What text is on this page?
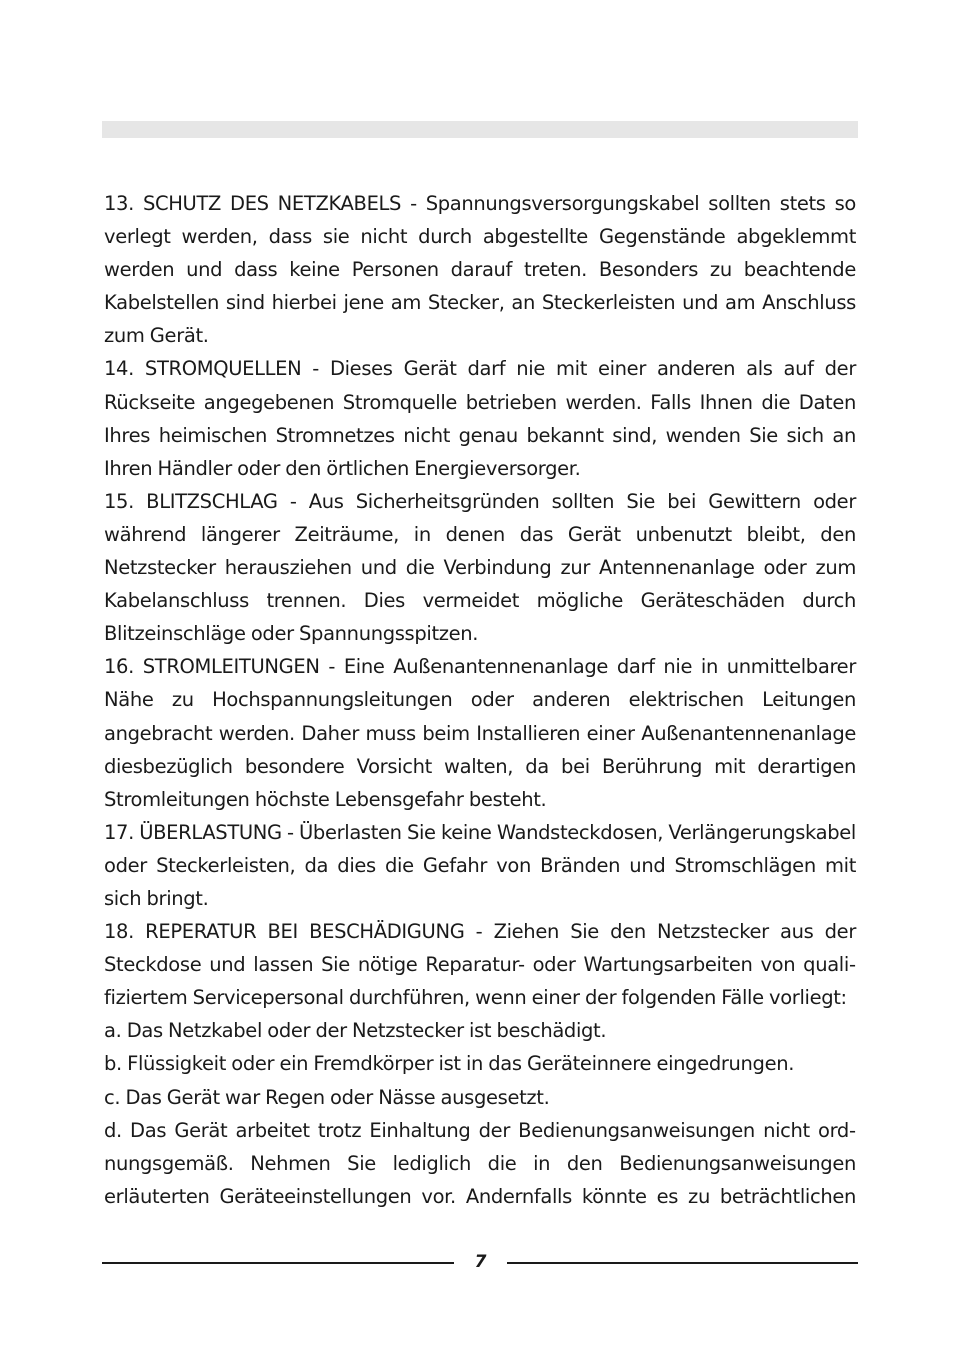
13. SCHUTZ DES NETZKABELS - Spannungsversorgungskabel sollten stets so verlegt werden, dass sie nicht durch abgestellte Gegenstände abgeklemmt werden und dass keine Personen darauf treten. Besonders zu beachtende Kabelstellen sind hierbei jene am Stecker, an Steckerleisten und am Anschluss zum Gerät.

14. STROMQUELLEN - Dieses Gerät darf nie mit einer anderen als auf der Rückseite angegebenen Stromquelle betrieben werden. Falls Ihnen die Daten Ihres heimischen Stromnetzes nicht genau bekannt sind, wenden Sie sich an Ihren Händler oder den örtlichen Energieversorger.

15. BLITZSCHLAG - Aus Sicherheitsgründen sollten Sie bei Gewittern oder während längerer Zeiträume, in denen das Gerät unbenutzt bleibt, den Netzstecker herausziehen und die Verbindung zur Antennenanlage oder zum Kabelanschluss trennen. Dies vermeidet mögliche Geräteschäden durch Blitzeinschläge oder Spannungsspitzen.

16. STROMLEITUNGEN - Eine Außenantennenanlage darf nie in unmittelbarer Nähe zu Hochspannungsleitungen oder anderen elektrischen Leitungen angebracht werden. Daher muss beim Installieren einer Außenantennenanlage diesbezüglich besondere Vorsicht walten, da bei Berührung mit derartigen Stromleitungen höchste Lebensgefahr besteht.

17. ÜBERLASTUNG - Überlasten Sie keine Wandsteckdosen, Verlängerungskabel oder Steckerleisten, da dies die Gefahr von Bränden und Stromschlägen mit sich bringt.

18. REPERATUR BEI BESCHÄDIGUNG - Ziehen Sie den Netzstecker aus der Steckdose und lassen Sie nötige Reparatur- oder Wartungsarbeiten von qualifiziertem Servicepersonal durchführen, wenn einer der folgenden Fälle vorliegt:

a. Das Netzkabel oder der Netzstecker ist beschädigt.

b. Flüssigkeit oder ein Fremdkörper ist in das Geräteinnere eingedrungen.

c. Das Gerät war Regen oder Nässe ausgesetzt.

d. Das Gerät arbeitet trotz Einhaltung der Bedienungsanweisungen nicht ordnungsgemäß. Nehmen Sie lediglich die in den Bedienungsanweisungen erläuterten Geräteeinstellungen vor. Andernfalls könnte es zu beträchtlichen

7
